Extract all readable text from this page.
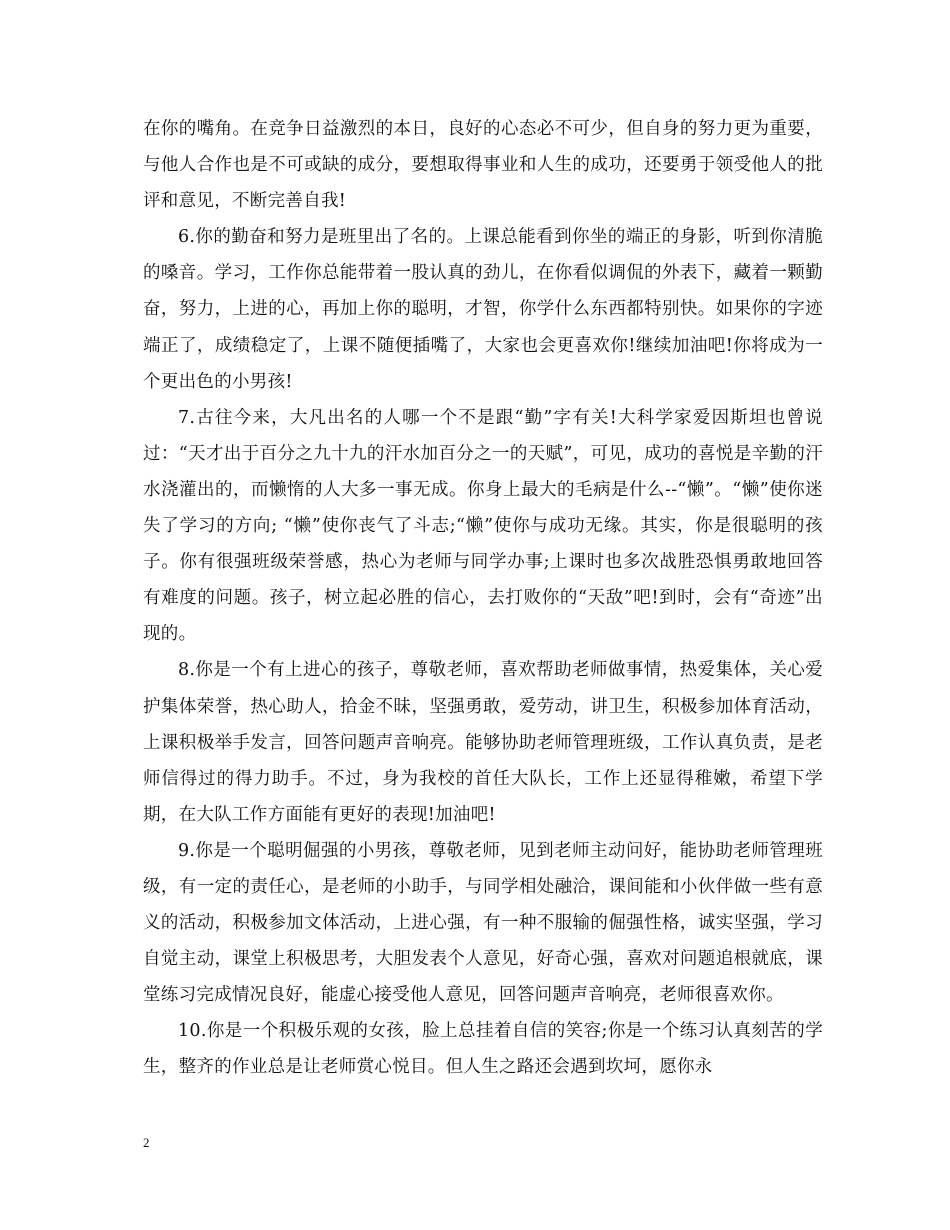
在你的嘴角。在竞争日益激烈的本日，良好的心态必不可少，但自身的努力更为重要，与他人合作也是不可或缺的成分，要想取得事业和人生的成功，还要勇于领受他人的批评和意见，不断完善自我!

6.你的勤奋和努力是班里出了名的。上课总能看到你坐的端正的身影，听到你清脆的嗓音。学习，工作你总能带着一股认真的劲儿，在你看似调侃的外表下，藏着一颗勤奋，努力，上进的心，再加上你的聪明，才智，你学什么东西都特别快。如果你的字迹端正了，成绩稳定了，上课不随便插嘴了，大家也会更喜欢你!继续加油吧!你将成为一个更出色的小男孩!

7.古往今来，大凡出名的人哪一个不是跟“勤”字有关!大科学家爱因斯坦也曾说过：“天才出于百分之九十九的汗水加百分之一的天赋”，可见，成功的喜悦是辛勤的汗水浇灌出的，而懒惰的人大多一事无成。你身上最大的毛病是什么--“懒”。“懒”使你迷失了学习的方向; “懒”使你丧气了斗志;“懒”使你与成功无缘。其实，你是很聪明的孩子。你有很强班级荣誉感，热心为老师与同学办事;上课时也多次战胜恐惧勇敢地回答有难度的问题。孩子，树立起必胜的信心，去打败你的“天敌”吧!到时，会有“奇迹”出现的。

8.你是一个有上进心的孩子，尊敬老师，喜欢帮助老师做事情，热爱集体，关心爱护集体荣誉，热心助人，拾金不昧，坚强勇敢，爱劳动，讲卫生，积极参加体育活动，上课积极举手发言，回答问题声音响亮。能够协助老师管理班级，工作认真负责，是老师信得过的得力助手。不过，身为我校的首任大队长，工作上还显得稚嫩，希望下学期，在大队工作方面能有更好的表现!加油吧!

9.你是一个聪明倔强的小男孩，尊敬老师，见到老师主动问好，能协助老师管理班级，有一定的责任心，是老师的小助手，与同学相处融洽，课间能和小伙伴做一些有意义的活动，积极参加文体活动，上进心强，有一种不服输的倔强性格，诚实坚强，学习自觉主动，课堂上积极思考，大胆发表个人意见，好奇心强，喜欢对问题追根就底，课堂练习完成情况良好，能虚心接受他人意见，回答问题声音响亮，老师很喜欢你。

10.你是一个积极乐观的女孩，脸上总挂着自信的笑容;你是一个练习认真刻苦的学生，整齐的作业总是让老师赏心悦目。但人生之路还会遇到坎坷，愿你永

2
